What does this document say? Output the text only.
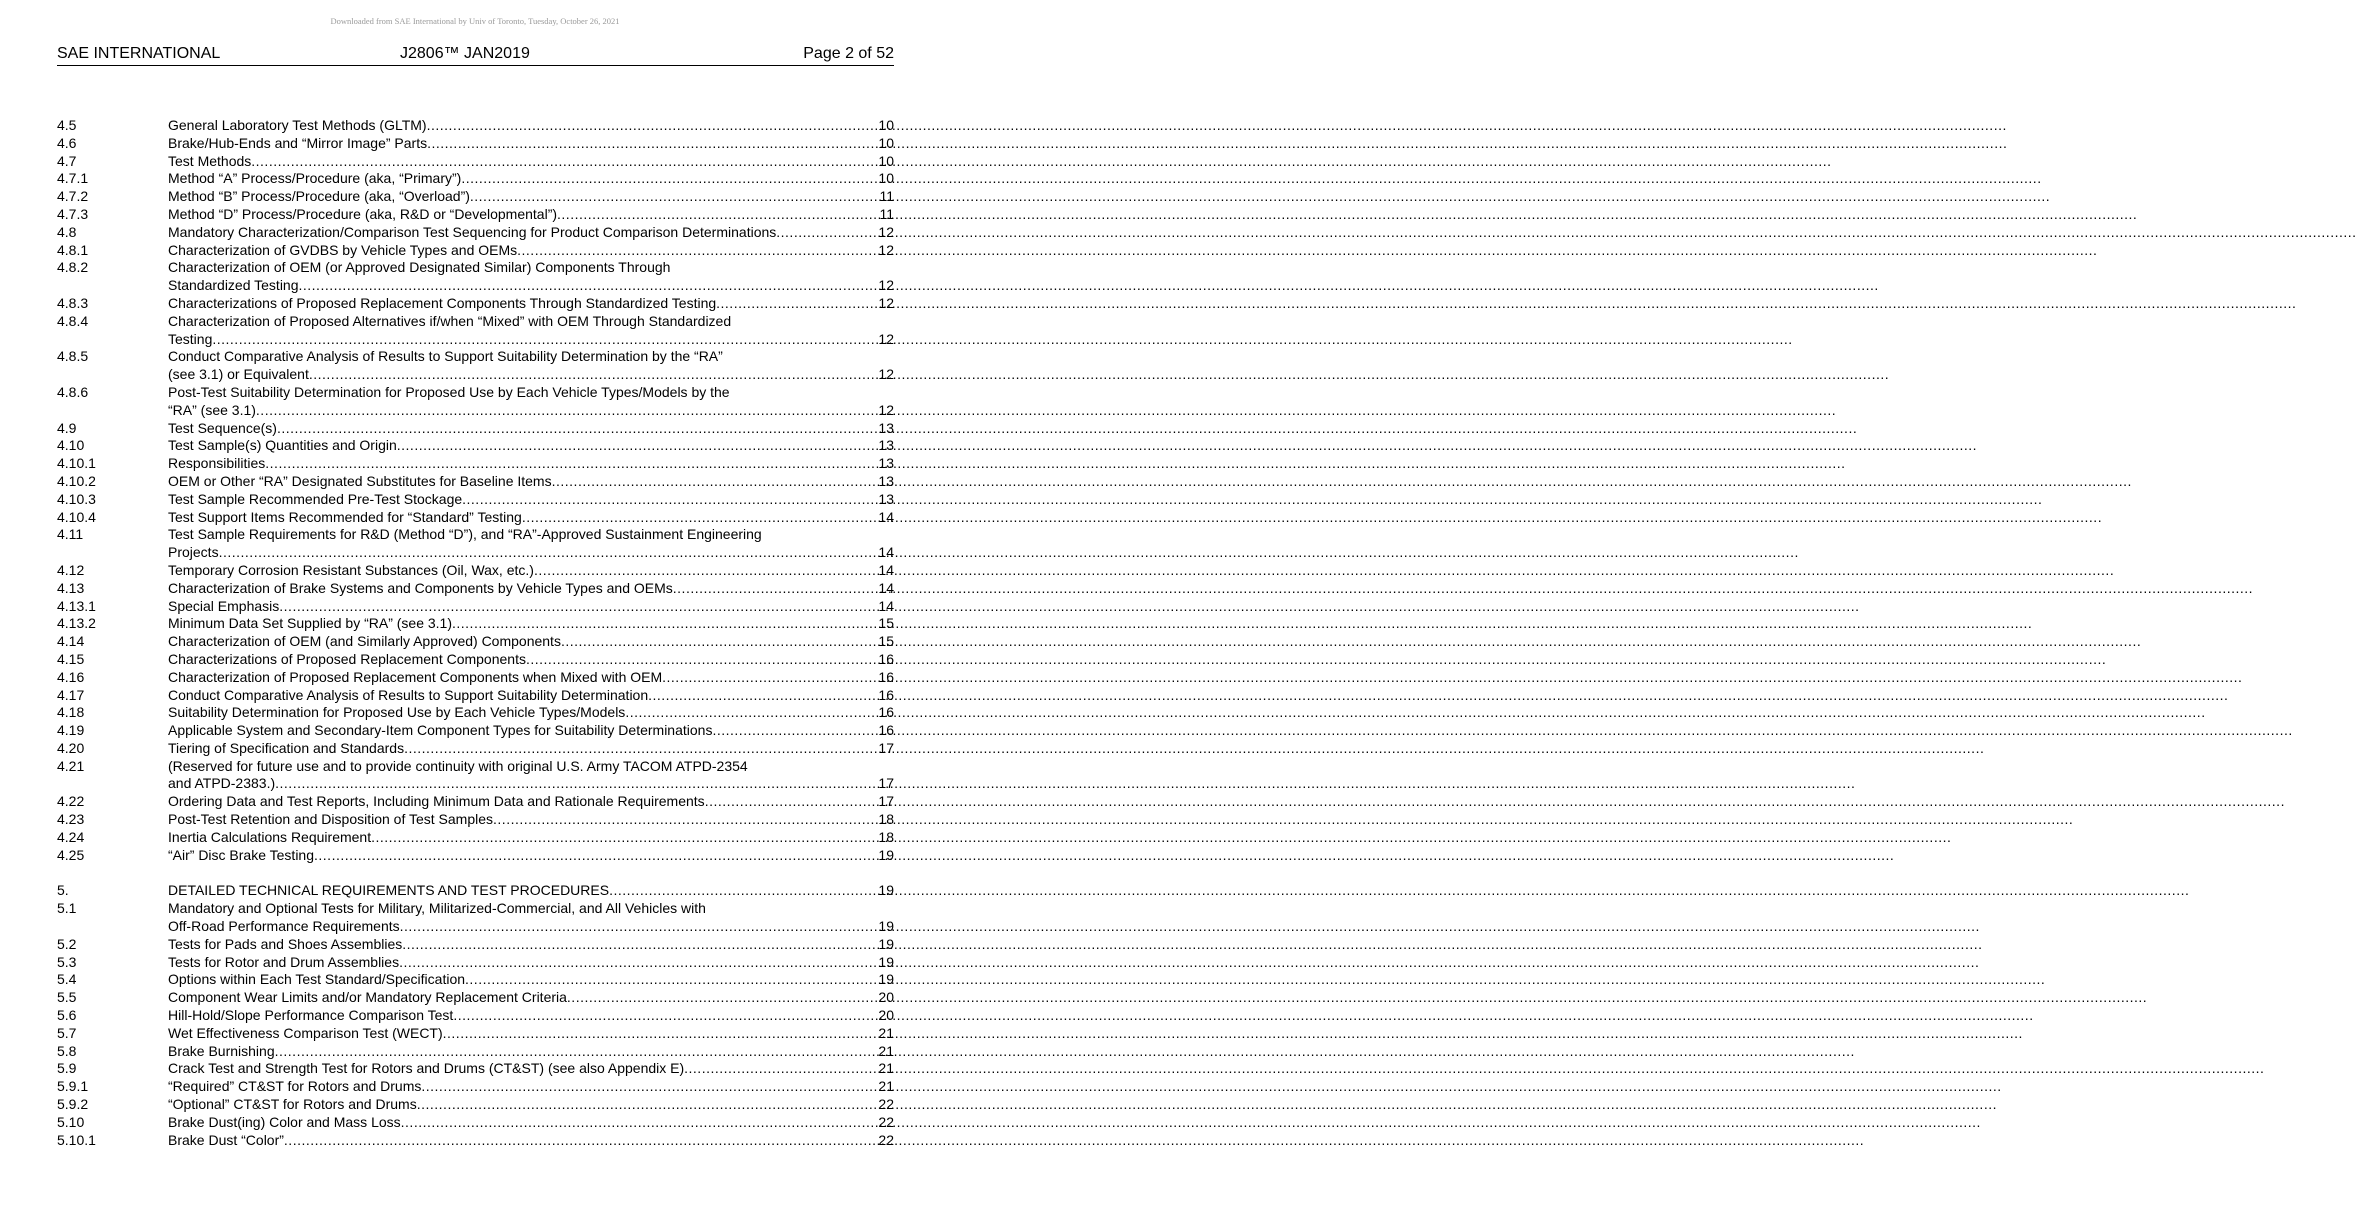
Downloaded from SAE International by Univ of Toronto, Tuesday, October 26, 2021
SAE INTERNATIONAL	J2806™ JAN2019	Page 2 of 52
4.5	General Laboratory Test Methods (GLTM) .....	10
4.6	Brake/Hub-Ends and “Mirror Image” Parts .....	10
4.7	Test Methods .....	10
4.7.1	Method “A” Process/Procedure (aka, “Primary”) .....	10
4.7.2	Method “B” Process/Procedure (aka, “Overload”) .....	11
4.7.3	Method “D” Process/Procedure (aka, R&D or “Developmental”) .....	11
4.8	Mandatory Characterization/Comparison Test Sequencing for Product Comparison Determinations .....	12
4.8.1	Characterization of GVDBS by Vehicle Types and OEMs .....	12
4.8.2	Characterization of OEM (or Approved Designated Similar) Components Through
Standardized Testing .....	12
4.8.3	Characterizations of Proposed Replacement Components Through Standardized Testing .....	12
4.8.4	Characterization of Proposed Alternatives if/when “Mixed” with OEM Through Standardized
Testing .....	12
4.8.5	Conduct Comparative Analysis of Results to Support Suitability Determination by the “RA”
(see 3.1) or Equivalent .....	12
4.8.6	Post-Test Suitability Determination for Proposed Use by Each Vehicle Types/Models by the
“RA” (see 3.1) .....	12
4.9	Test Sequence(s) .....	13
4.10	Test Sample(s) Quantities and Origin .....	13
4.10.1	Responsibilities .....	13
4.10.2	OEM or Other “RA” Designated Substitutes for Baseline Items .....	13
4.10.3	Test Sample Recommended Pre-Test Stockage .....	13
4.10.4	Test Support Items Recommended for “Standard” Testing .....	14
4.11	Test Sample Requirements for R&D (Method “D”), and “RA”-Approved Sustainment Engineering
Projects .....	14
4.12	Temporary Corrosion Resistant Substances (Oil, Wax, etc.) .....	14
4.13	Characterization of Brake Systems and Components by Vehicle Types and OEMs .....	14
4.13.1	Special Emphasis .....	14
4.13.2	Minimum Data Set Supplied by “RA” (see 3.1) .....	15
4.14	Characterization of OEM (and Similarly Approved) Components .....	15
4.15	Characterizations of Proposed Replacement Components .....	16
4.16	Characterization of Proposed Replacement Components when Mixed with OEM .....	16
4.17	Conduct Comparative Analysis of Results to Support Suitability Determination .....	16
4.18	Suitability Determination for Proposed Use by Each Vehicle Types/Models .....	16
4.19	Applicable System and Secondary-Item Component Types for Suitability Determinations .....	16
4.20	Tiering of Specification and Standards .....	17
4.21	(Reserved for future use and to provide continuity with original U.S. Army TACOM ATPD-2354
and ATPD-2383.) .....	17
4.22	Ordering Data and Test Reports, Including Minimum Data and Rationale Requirements .....	17
4.23	Post-Test Retention and Disposition of Test Samples .....	18
4.24	Inertia Calculations Requirement .....	18
4.25	“Air” Disc Brake Testing .....	19
5.	DETAILED TECHNICAL REQUIREMENTS AND TEST PROCEDURES .....	19
5.1	Mandatory and Optional Tests for Military, Militarized-Commercial, and All Vehicles with
Off-Road Performance Requirements .....	19
5.2	Tests for Pads and Shoes Assemblies .....	19
5.3	Tests for Rotor and Drum Assemblies .....	19
5.4	Options within Each Test Standard/Specification .....	19
5.5	Component Wear Limits and/or Mandatory Replacement Criteria .....	20
5.6	Hill-Hold/Slope Performance Comparison Test .....	20
5.7	Wet Effectiveness Comparison Test (WECT) .....	21
5.8	Brake Burnishing .....	21
5.9	Crack Test and Strength Test for Rotors and Drums (CT&ST) (see also Appendix E) .....	21
5.9.1	“Required” CT&ST for Rotors and Drums .....	21
5.9.2	“Optional” CT&ST for Rotors and Drums .....	22
5.10	Brake Dust(ing) Color and Mass Loss .....	22
5.10.1	Brake Dust “Color” .....	22
